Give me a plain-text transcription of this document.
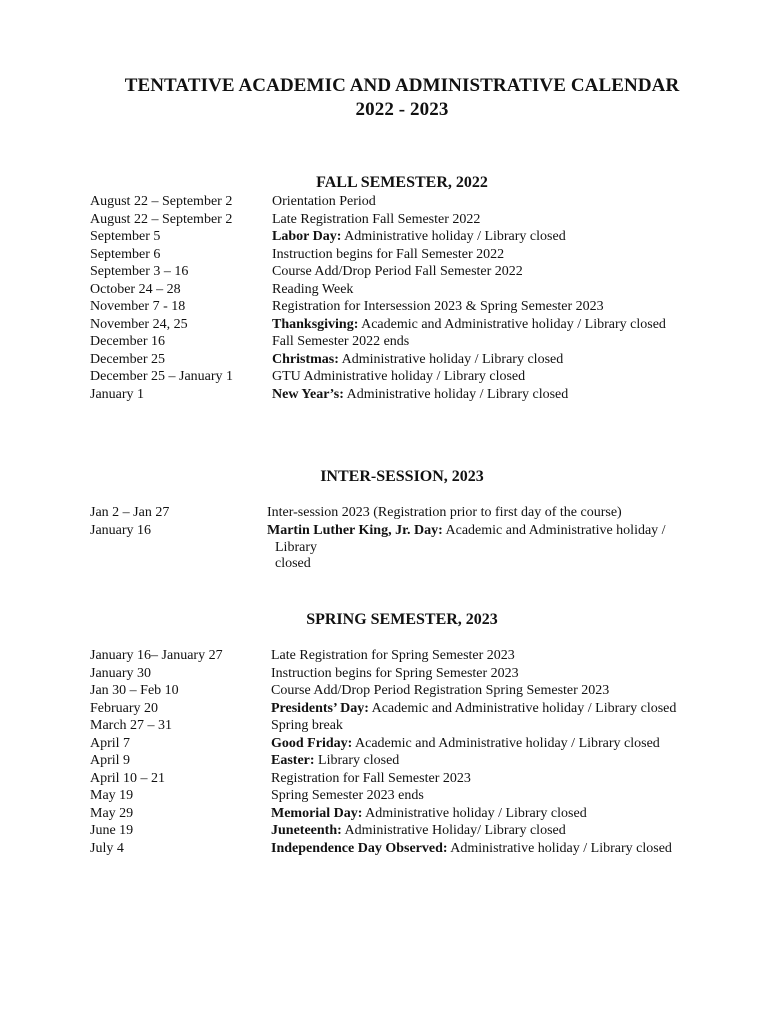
TENTATIVE ACADEMIC AND ADMINISTRATIVE CALENDAR
2022 - 2023
FALL SEMESTER, 2022
August 22 – September 2	Orientation Period
August 22 – September 2	Late Registration Fall Semester 2022
September 5	Labor Day: Administrative holiday / Library closed
September 6	Instruction begins for Fall Semester 2022
September 3 – 16	Course Add/Drop Period Fall Semester 2022
October 24 – 28	Reading Week
November 7 - 18	Registration for Intersession 2023 & Spring Semester 2023
November 24, 25	Thanksgiving: Academic and Administrative holiday / Library closed
December 16	Fall Semester 2022 ends
December 25	Christmas: Administrative holiday / Library closed
December 25 – January 1	GTU Administrative holiday / Library closed
January 1	New Year’s: Administrative holiday / Library closed
INTER-SESSION, 2023
Jan 2 – Jan 27	Inter-session 2023 (Registration prior to first day of the course)
January 16	Martin Luther King, Jr. Day: Academic and Administrative holiday /
Library closed
SPRING SEMESTER, 2023
January 16– January 27	Late Registration for Spring Semester 2023
January 30	Instruction begins for Spring Semester 2023
Jan 30 – Feb 10	Course Add/Drop Period Registration Spring Semester 2023
February 20	Presidents’ Day: Academic and Administrative holiday / Library closed
March 27 – 31	Spring break
April 7	Good Friday: Academic and Administrative holiday / Library closed
April 9	Easter: Library closed
April 10 – 21	Registration for Fall Semester 2023
May 19	Spring Semester 2023 ends
May 29	Memorial Day: Administrative holiday / Library closed
June 19	Juneteenth: Administrative Holiday/ Library closed
July 4	Independence Day Observed: Administrative holiday / Library closed
